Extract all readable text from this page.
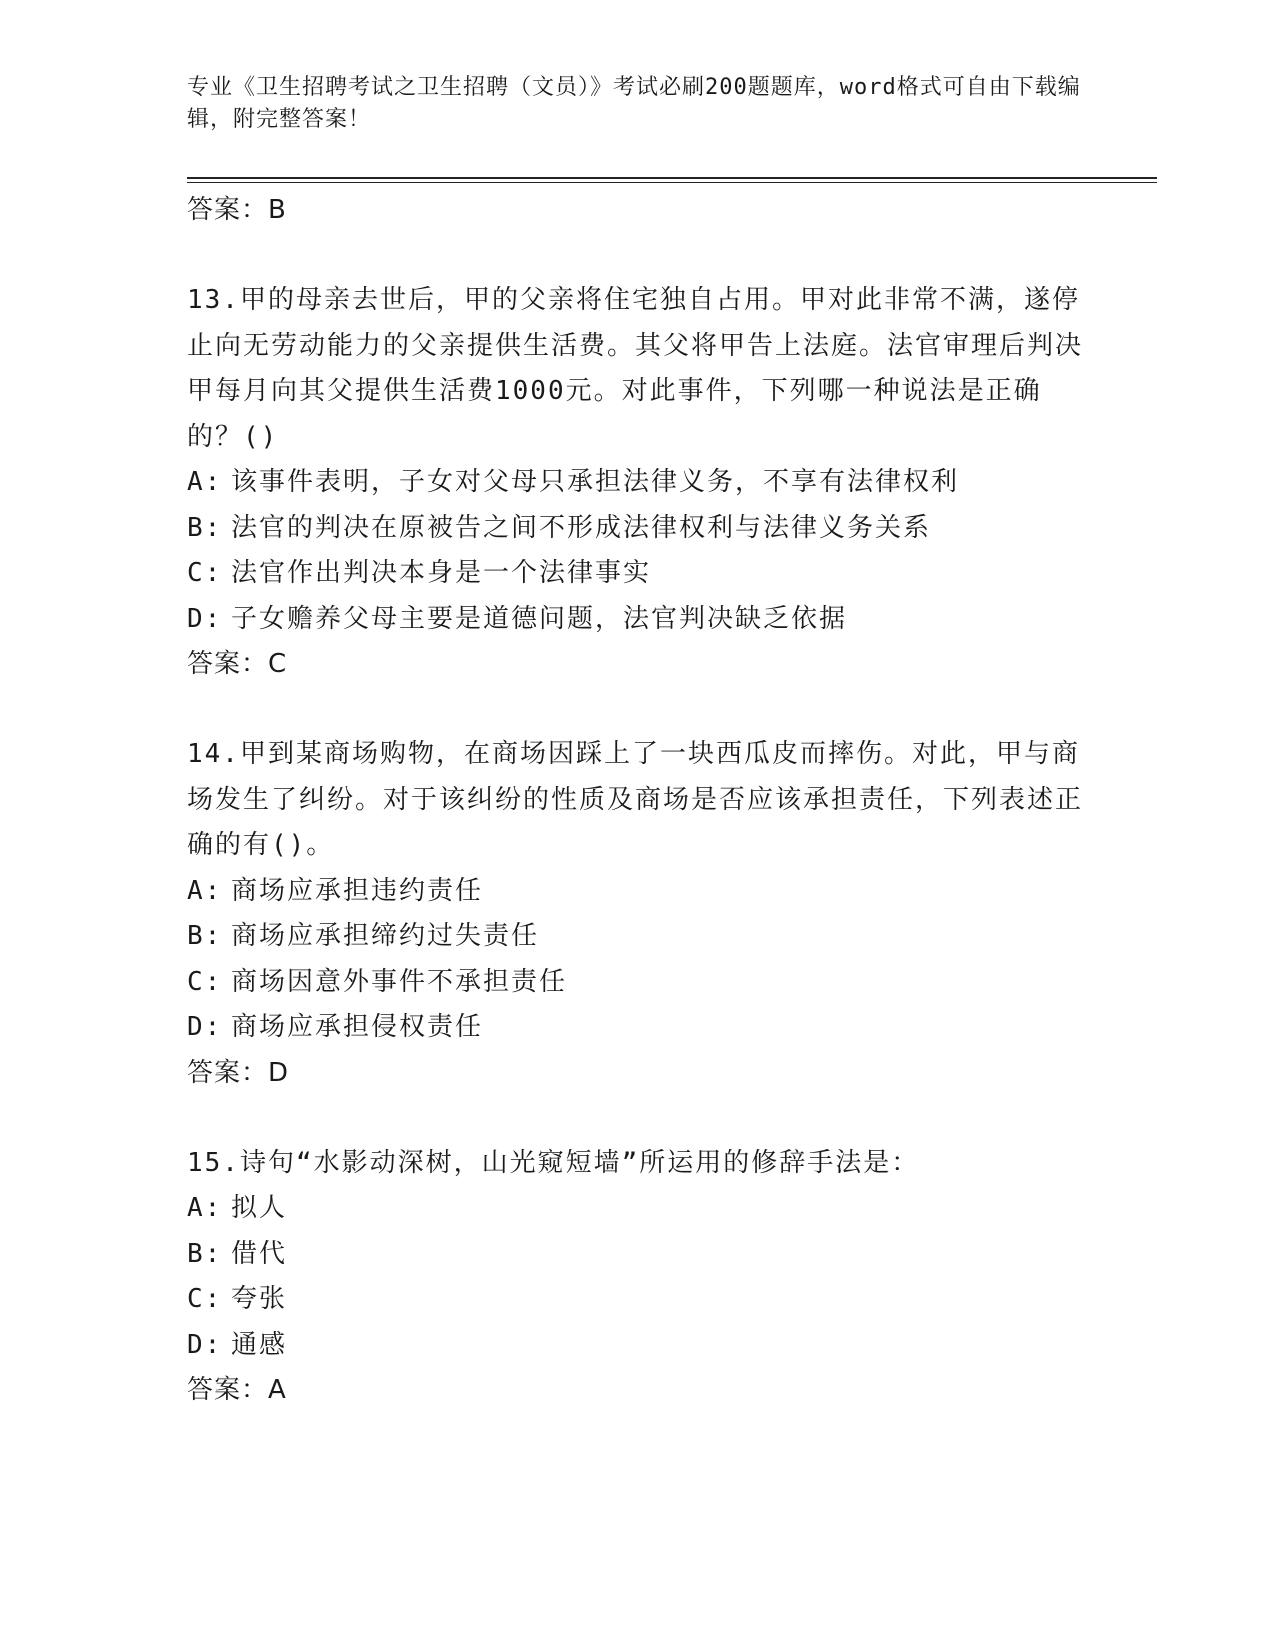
专业《卫生招聘考试之卫生招聘（文员）》考试必刷200题题库，word格式可自由下载编辑，附完整答案！
答案：B
13.甲的母亲去世后，甲的父亲将住宅独自占用。甲对此非常不满，遂停止向无劳动能力的父亲提供生活费。其父将甲告上法庭。法官审理后判决甲每月向其父提供生活费1000元。对此事件，下列哪一种说法是正确的？()
A: 该事件表明，子女对父母只承担法律义务，不享有法律权利
B: 法官的判决在原被告之间不形成法律权利与法律义务关系
C: 法官作出判决本身是一个法律事实
D: 子女赡养父母主要是道德问题，法官判决缺乏依据
答案：C
14.甲到某商场购物，在商场因踩上了一块西瓜皮而摔伤。对此，甲与商场发生了纠纷。对于该纠纷的性质及商场是否应该承担责任，下列表述正确的有()。
A: 商场应承担违约责任
B: 商场应承担缔约过失责任
C: 商场因意外事件不承担责任
D: 商场应承担侵权责任
答案：D
15.诗句“水影动深树，山光窥短墙”所运用的修辞手法是：
A: 拟人
B: 借代
C: 夸张
D: 通感
答案：A
